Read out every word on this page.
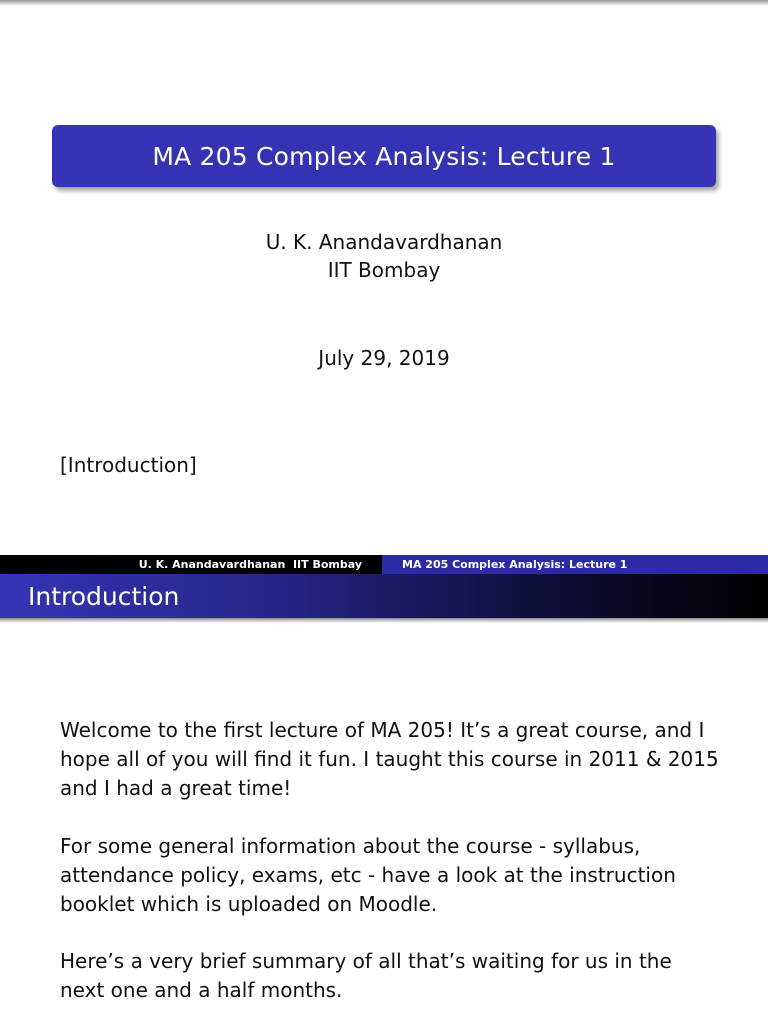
MA 205 Complex Analysis: Lecture 1
U. K. Anandavardhanan
IIT Bombay
July 29, 2019
[Introduction]
U. K. Anandavardhanan  IIT Bombay	MA 205 Complex Analysis: Lecture 1
Introduction
Welcome to the first lecture of MA 205! It’s a great course, and I hope all of you will find it fun. I taught this course in 2011 & 2015 and I had a great time!
For some general information about the course - syllabus, attendance policy, exams, etc - have a look at the instruction booklet which is uploaded on Moodle.
Here’s a very brief summary of all that’s waiting for us in the next one and a half months.
